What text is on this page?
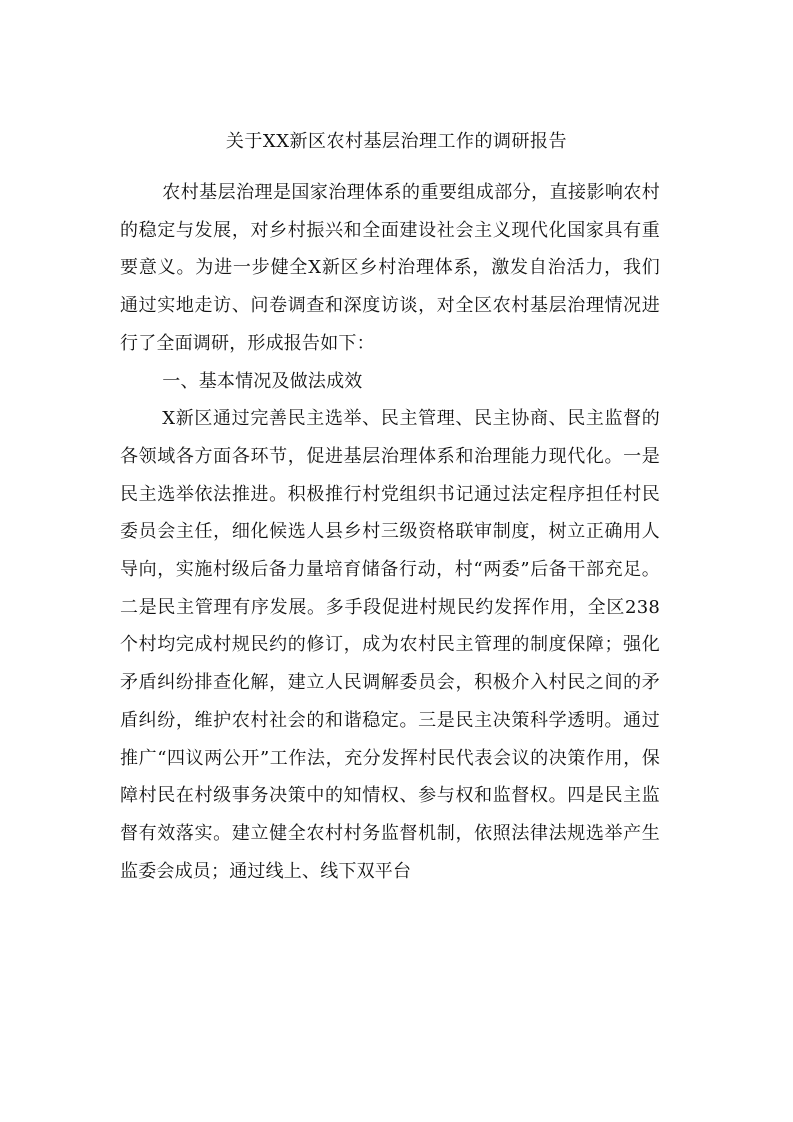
关于XX新区农村基层治理工作的调研报告

农村基层治理是国家治理体系的重要组成部分，直接影响农村的稳定与发展，对乡村振兴和全面建设社会主义现代化国家具有重要意义。为进一步健全X新区乡村治理体系，激发自治活力，我们通过实地走访、问卷调查和深度访谈，对全区农村基层治理情况进行了全面调研，形成报告如下：

一、基本情况及做法成效

X新区通过完善民主选举、民主管理、民主协商、民主监督的各领域各方面各环节，促进基层治理体系和治理能力现代化。一是民主选举依法推进。积极推行村党组织书记通过法定程序担任村民委员会主任，细化候选人县乡村三级资格联审制度，树立正确用人导向，实施村级后备力量培育储备行动，村“两委”后备干部充足。二是民主管理有序发展。多手段促进村规民约发挥作用，全区238个村均完成村规民约的修订，成为农村民主管理的制度保障；强化矛盾纠纷排查化解，建立人民调解委员会，积极介入村民之间的矛盾纠纷，维护农村社会的和谐稳定。三是民主决策科学透明。通过推广“四议两公开”工作法，充分发挥村民代表会议的决策作用，保障村民在村级事务决策中的知情权、参与权和监督权。四是民主监督有效落实。建立健全农村村务监督机制，依照法律法规选举产生监委会成员；通过线上、线下双平台
